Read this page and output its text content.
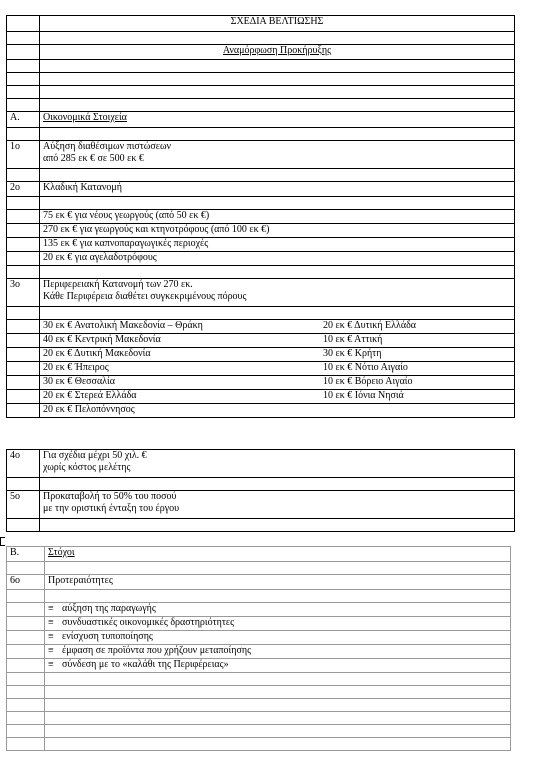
	ΣΧΕΔΙΑ ΒΕΛΤΙΩΣΗΣ

	Αναμόρφωση Προκήρυξης

A.	Οικονομικά Στοιχεία

1ο	Αύξηση διαθέσιμων πιστώσεων
από 285 εκ € σε 500 εκ €

2ο	Κλαδική Κατανομή

	75 εκ € για νέους γεωργούς (από 50 εκ €)
	270 εκ € για γεωργούς και κτηνοτρόφους (από 100 εκ €)
	135 εκ € για καπνοπαραγωγικές περιοχές
	20 εκ € για αγελαδοτρόφους

3ο	Περιφερειακή Κατανομή των 270 εκ.
Κάθε Περιφέρεια διαθέτει συγκεκριμένους πόρους

	30 εκ € Ανατολική Μακεδονία – Θράκη 20 εκ € Δυτική Ελλάδα

	40 εκ € Κεντρική Μακεδονία 10 εκ € Αττική

	20 εκ € Δυτική Μακεδονία 30 εκ € Κρήτη

	20 εκ € Ήπειρος 10 εκ € Νότιο Αιγαίο

	30 εκ € Θεσσαλία 10 εκ € Βόρειο Αιγαίο

	20 εκ € Στερεά Ελλάδα 10 εκ € Ιόνια Νησιά

	20 εκ € Πελοπόννησος
4ο	Για σχέδια μέχρι 50 χιλ. €
χωρίς κόστος μελέτης

5ο	Προκαταβολή το 50% του ποσού
με την οριστική ένταξη του έργου

B.	Στόχοι

6ο	Προτεραιότητες

	≡ αύξηση της παραγωγής
	≡ συνδυαστικές οικονομικές δραστηριότητες
	≡ ενίσχυση τυποποίησης
	≡ έμφαση σε προϊόντα που χρήζουν μεταποίησης
	≡ σύνδεση με το «καλάθι της Περιφέρειας»
